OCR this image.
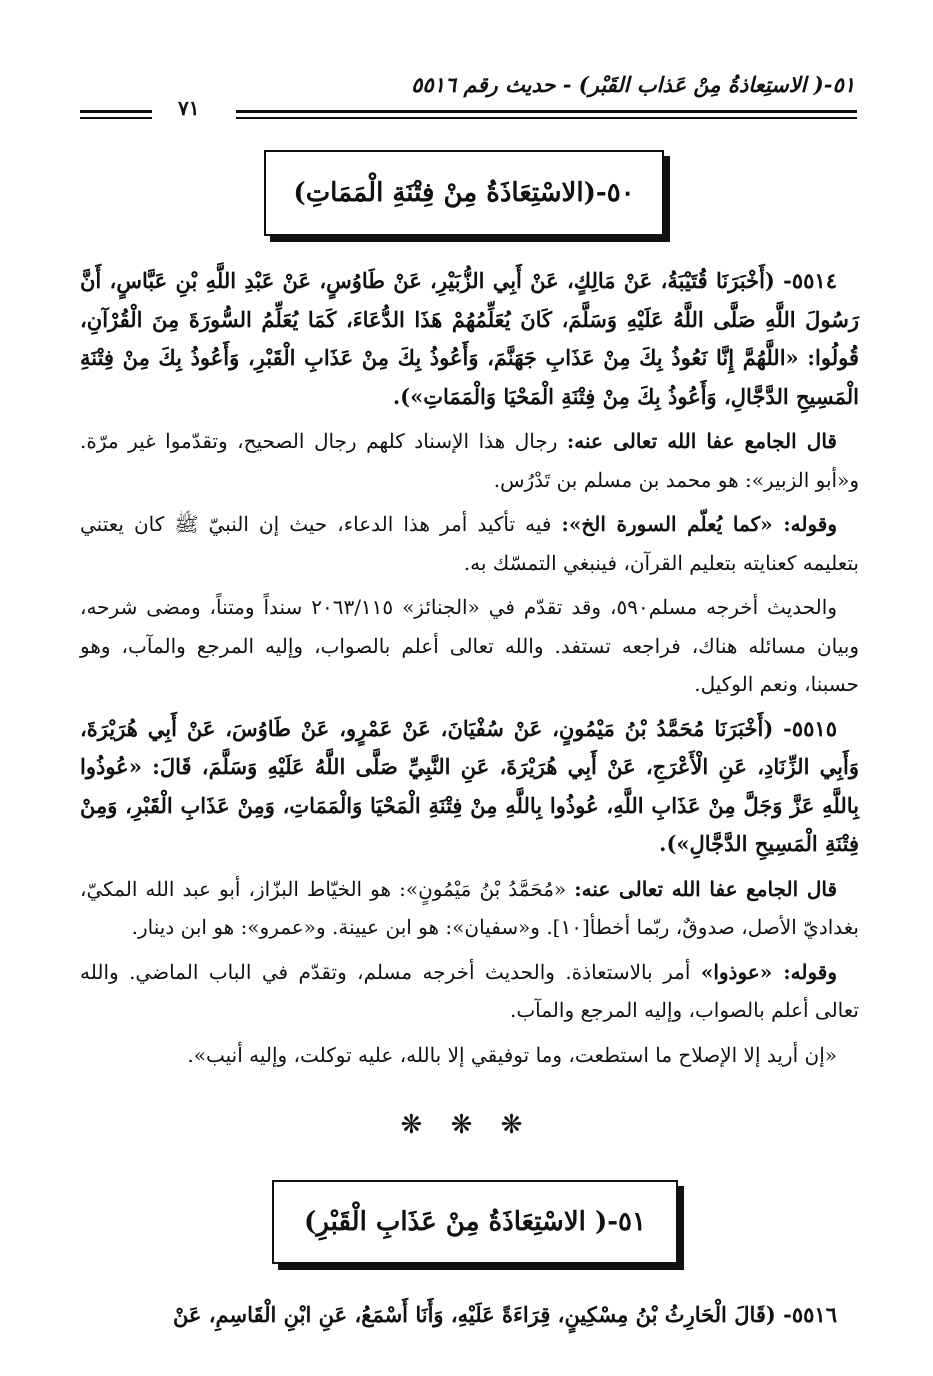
٥١-( الاستِعاذةُ مِنْ عَذاب القَبْر) - حديث رقم ٥٥١٦
٧١
٥٠-(الاسْتِعَاذَةُ مِنْ فِتْنَةِ الْمَمَاتِ)

٥٥١٤- (أَخْبَرَنَا قُتَيْبَةُ، عَنْ مَالِكٍ، عَنْ أَبِي الزُّبَيْرِ، عَنْ طَاوُسٍ، عَنْ عَبْدِ اللَّهِ بْنِ عَبَّاسٍ، أَنَّ رَسُولَ اللَّهِ صَلَّى اللَّهُ عَلَيْهِ وَسَلَّمَ، كَانَ يُعَلِّمُهُمْ هَذَا الدُّعَاءَ، كَمَا يُعَلِّمُ السُّورَةَ مِنَ الْقُرْآنِ، قُولُوا: «اللَّهُمَّ إِنَّا نَعُوذُ بِكَ مِنْ عَذَابِ جَهَنَّمَ، وَأَعُوذُ بِكَ مِنْ عَذَابِ الْقَبْرِ، وَأَعُوذُ بِكَ مِنْ فِتْنَةِ الْمَسِيحِ الدَّجَّالِ، وَأَعُوذُ بِكَ مِنْ فِتْنَةِ الْمَحْيَا وَالْمَمَاتِ»).

قال الجامع عفا الله تعالى عنه: رجال هذا الإسناد كلهم رجال الصحيح، وتقدّموا غير مرّة. و«أبو الزبير»: هو محمد بن مسلم بن تَدْرُس.

وقوله: «كما يُعلّم السورة الخ»: فيه تأكيد أمر هذا الدعاء، حيث إن النبيّ ﷺ كان يعتني بتعليمه كعنايته بتعليم القرآن، فينبغي التمسّك به.

والحديث أخرجه مسلم٥٩٠، وقد تقدّم في «الجنائز» ٢٠٦٣/١١٥ سنداً ومتناً، ومضى شرحه، وبيان مسائله هناك، فراجعه تستفد. والله تعالى أعلم بالصواب، وإليه المرجع والمآب، وهو حسبنا، ونعم الوكيل.

٥٥١٥- (أَخْبَرَنَا مُحَمَّدُ بْنُ مَيْمُونٍ، عَنْ سُفْيَانَ، عَنْ عَمْرٍو، عَنْ طَاوُسَ، عَنْ أَبِي هُرَيْرَةَ، وَأَبِي الزِّنَادِ، عَنِ الْأَعْرَجِ، عَنْ أَبِي هُرَيْرَةَ، عَنِ النَّبِيِّ صَلَّى اللَّهُ عَلَيْهِ وَسَلَّمَ، قَالَ: «عُوذُوا بِاللَّهِ عَزَّ وَجَلَّ مِنْ عَذَابِ اللَّهِ، عُوذُوا بِاللَّهِ مِنْ فِتْنَةِ الْمَحْيَا وَالْمَمَاتِ، وَمِنْ عَذَابِ الْقَبْرِ، وَمِنْ فِتْنَةِ الْمَسِيحِ الدَّجَّالِ»).

قال الجامع عفا الله تعالى عنه: «مُحَمَّدُ بْنُ مَيْمُونٍ»: هو الخيّاط البزّاز، أبو عبد الله المكيّ، بغداديّ الأصل، صدوقٌ، ربّما أخطأ[١٠]. و«سفيان»: هو ابن عيينة. و«عمرو»: هو ابن دينار.

وقوله: «عوذوا» أمر بالاستعاذة. والحديث أخرجه مسلم، وتقدّم في الباب الماضي. والله تعالى أعلم بالصواب، وإليه المرجع والمآب.

«إن أريد إلا الإصلاح ما استطعت، وما توفيقي إلا بالله، عليه توكلت، وإليه أنيب».

❋ ❋ ❋
٥١-( الاسْتِعَاذَةُ مِنْ عَذَابِ الْقَبْرِ)

٥٥١٦- (قَالَ الْحَارِثُ بْنُ مِسْكِينٍ، قِرَاءَةً عَلَيْهِ، وَأَنَا أَسْمَعُ، عَنِ ابْنِ الْقَاسِمِ، عَنْ
